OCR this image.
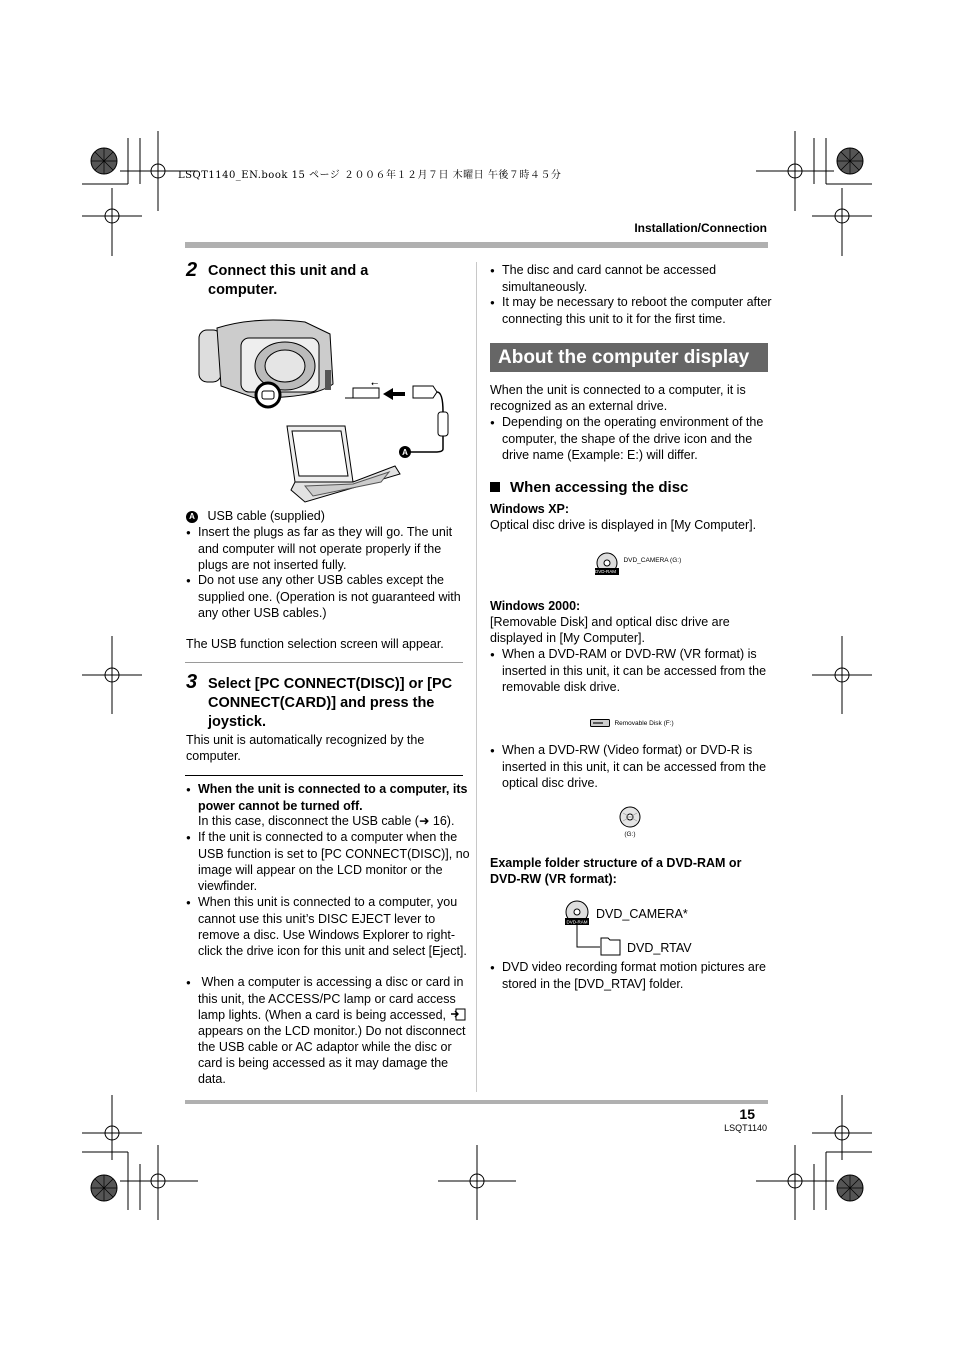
LSQT1140_EN.book 15 ページ ２００６年１２月７日 木曜日 午後７時４５分
Installation/Connection
2 Connect this unit and a computer.
⭠
A
A USB cable (supplied)
● Insert the plugs as far as they will go. The unit and computer will not operate properly if the plugs are not inserted fully.
● Do not use any other USB cables except the supplied one. (Operation is not guaranteed with any other USB cables.)
The USB function selection screen will appear.
3 Select [PC CONNECT(DISC)] or [PC CONNECT(CARD)] and press the joystick.
This unit is automatically recognized by the computer.
● When the unit is connected to a computer, its power cannot be turned off.
In this case, disconnect the USB cable (➜ 16).
● If the unit is connected to a computer when the USB function is set to [PC CONNECT(DISC)], no image will appear on the LCD monitor or the viewfinder.
● When this unit is connected to a computer, you cannot use this unit’s DISC EJECT lever to remove a disc. Use Windows Explorer to right-click the drive icon for this unit and select [Eject].
● When a computer is accessing a disc or card in this unit, the ACCESS/PC lamp or card access lamp lights. (When a card is being accessed,  appears on the LCD monitor.) Do not disconnect the USB cable or AC adaptor while the disc or card is being accessed as it may damage the data.
● The disc and card cannot be accessed simultaneously.
● It may be necessary to reboot the computer after connecting this unit to it for the first time.
About the computer display
When the unit is connected to a computer, it is recognized as an external drive.
● Depending on the operating environment of the computer, the shape of the drive icon and the drive name (Example: E:) will differ.
When accessing the disc
Windows XP:
Optical disc drive is displayed in [My Computer].

DVD-RAM
$^{DVD\_CAMERA (G:)}$
Windows 2000:
[Removable Disk] and optical disc drive are displayed in [My Computer].
● When a DVD-RAM or DVD-RW (VR format) is inserted in this unit, it can be accessed from the removable disk drive.
$^{Removable Disk (F:)}$
● When a DVD-RW (Video format) or DVD-R is inserted in this unit, it can be accessed from the optical disc drive.
(G:)
Example folder structure of a DVD-RAM or DVD-RW (VR format):
DVD-RAM
DVD_CAMERA*
DVD_RTAV
● DVD video recording format motion pictures are stored in the [DVD_RTAV] folder.
15
LSQT1140
